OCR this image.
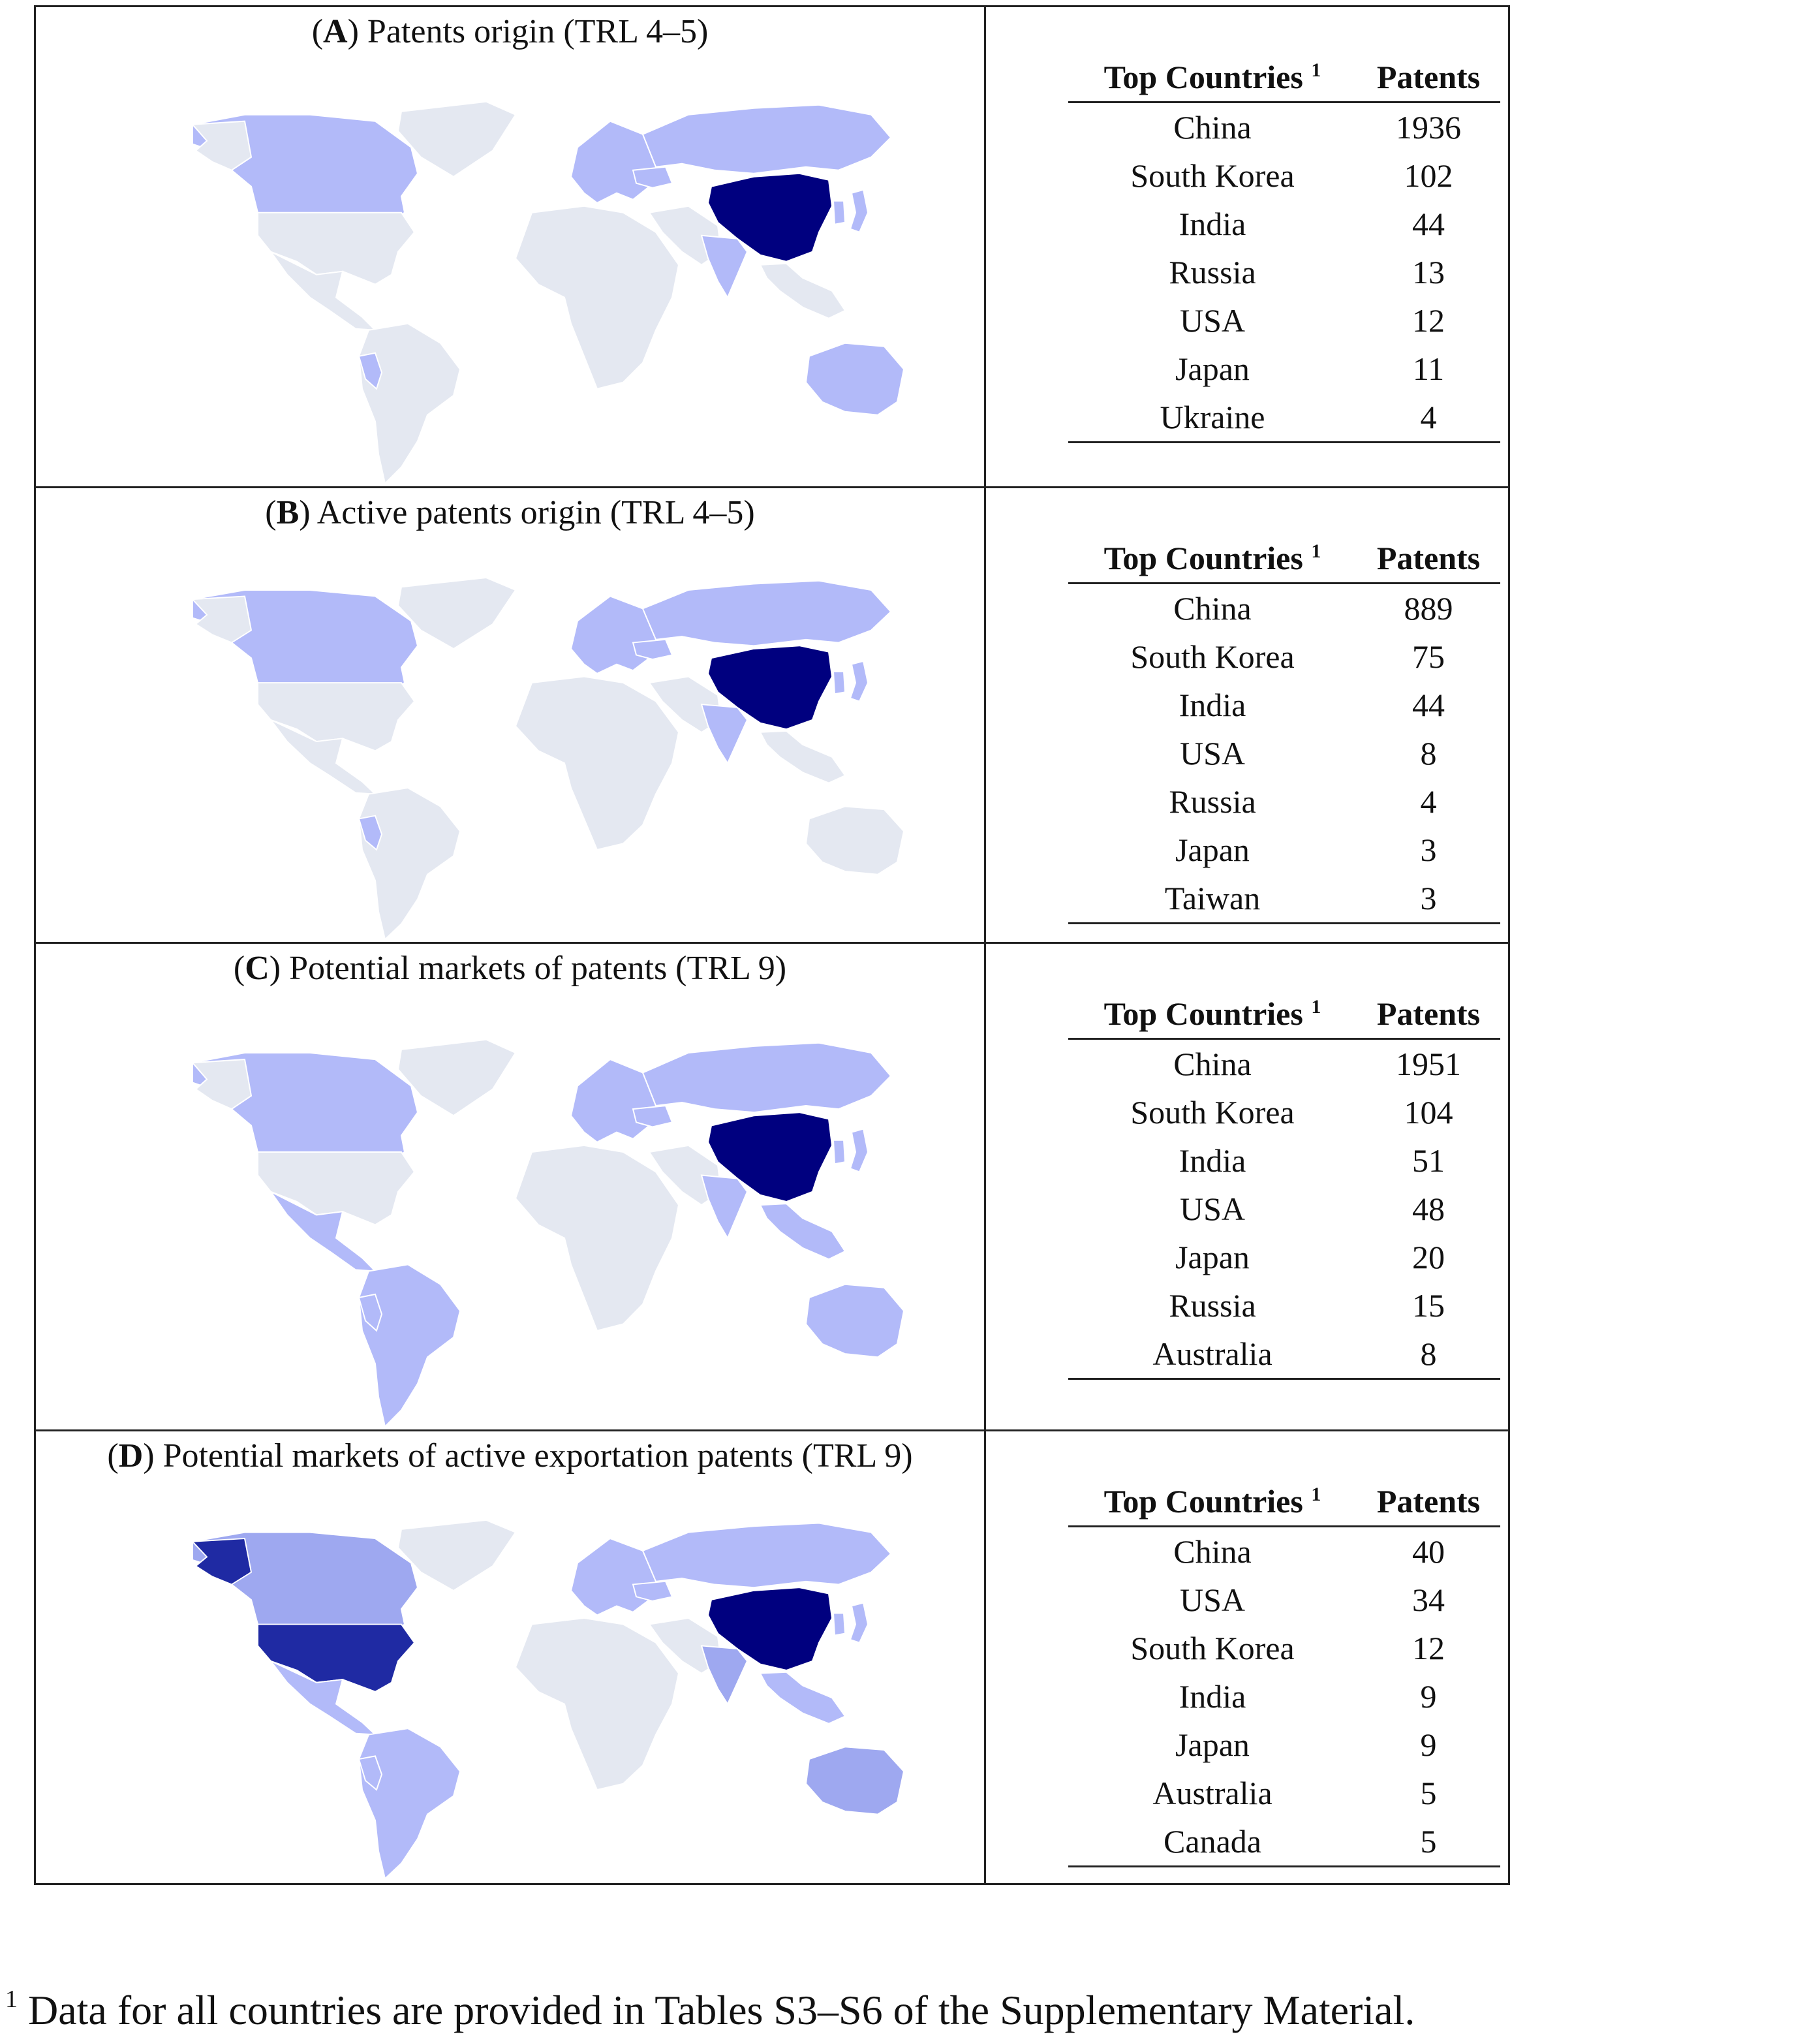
(A) Patents origin (TRL 4–5)
Top Countries $^1$	Patents
China	1936
South Korea	102
India	44
Russia	13
USA	12
Japan	11
Ukraine	4
(B) Active patents origin (TRL 4–5)
Top Countries $^1$	Patents
China	889
South Korea	75
India	44
USA	8
Russia	4
Japan	3
Taiwan	3
(C) Potential markets of patents (TRL 9)
Top Countries $^1$	Patents
China	1951
South Korea	104
India	51
USA	48
Japan	20
Russia	15
Australia	8
(D) Potential markets of active exportation patents (TRL 9)
Top Countries $^1$	Patents
China	40
USA	34
South Korea	12
India	9
Japan	9
Australia	5
Canada	5
$^1$ Data for all countries are provided in Tables S3–S6 of the Supplementary Material.
